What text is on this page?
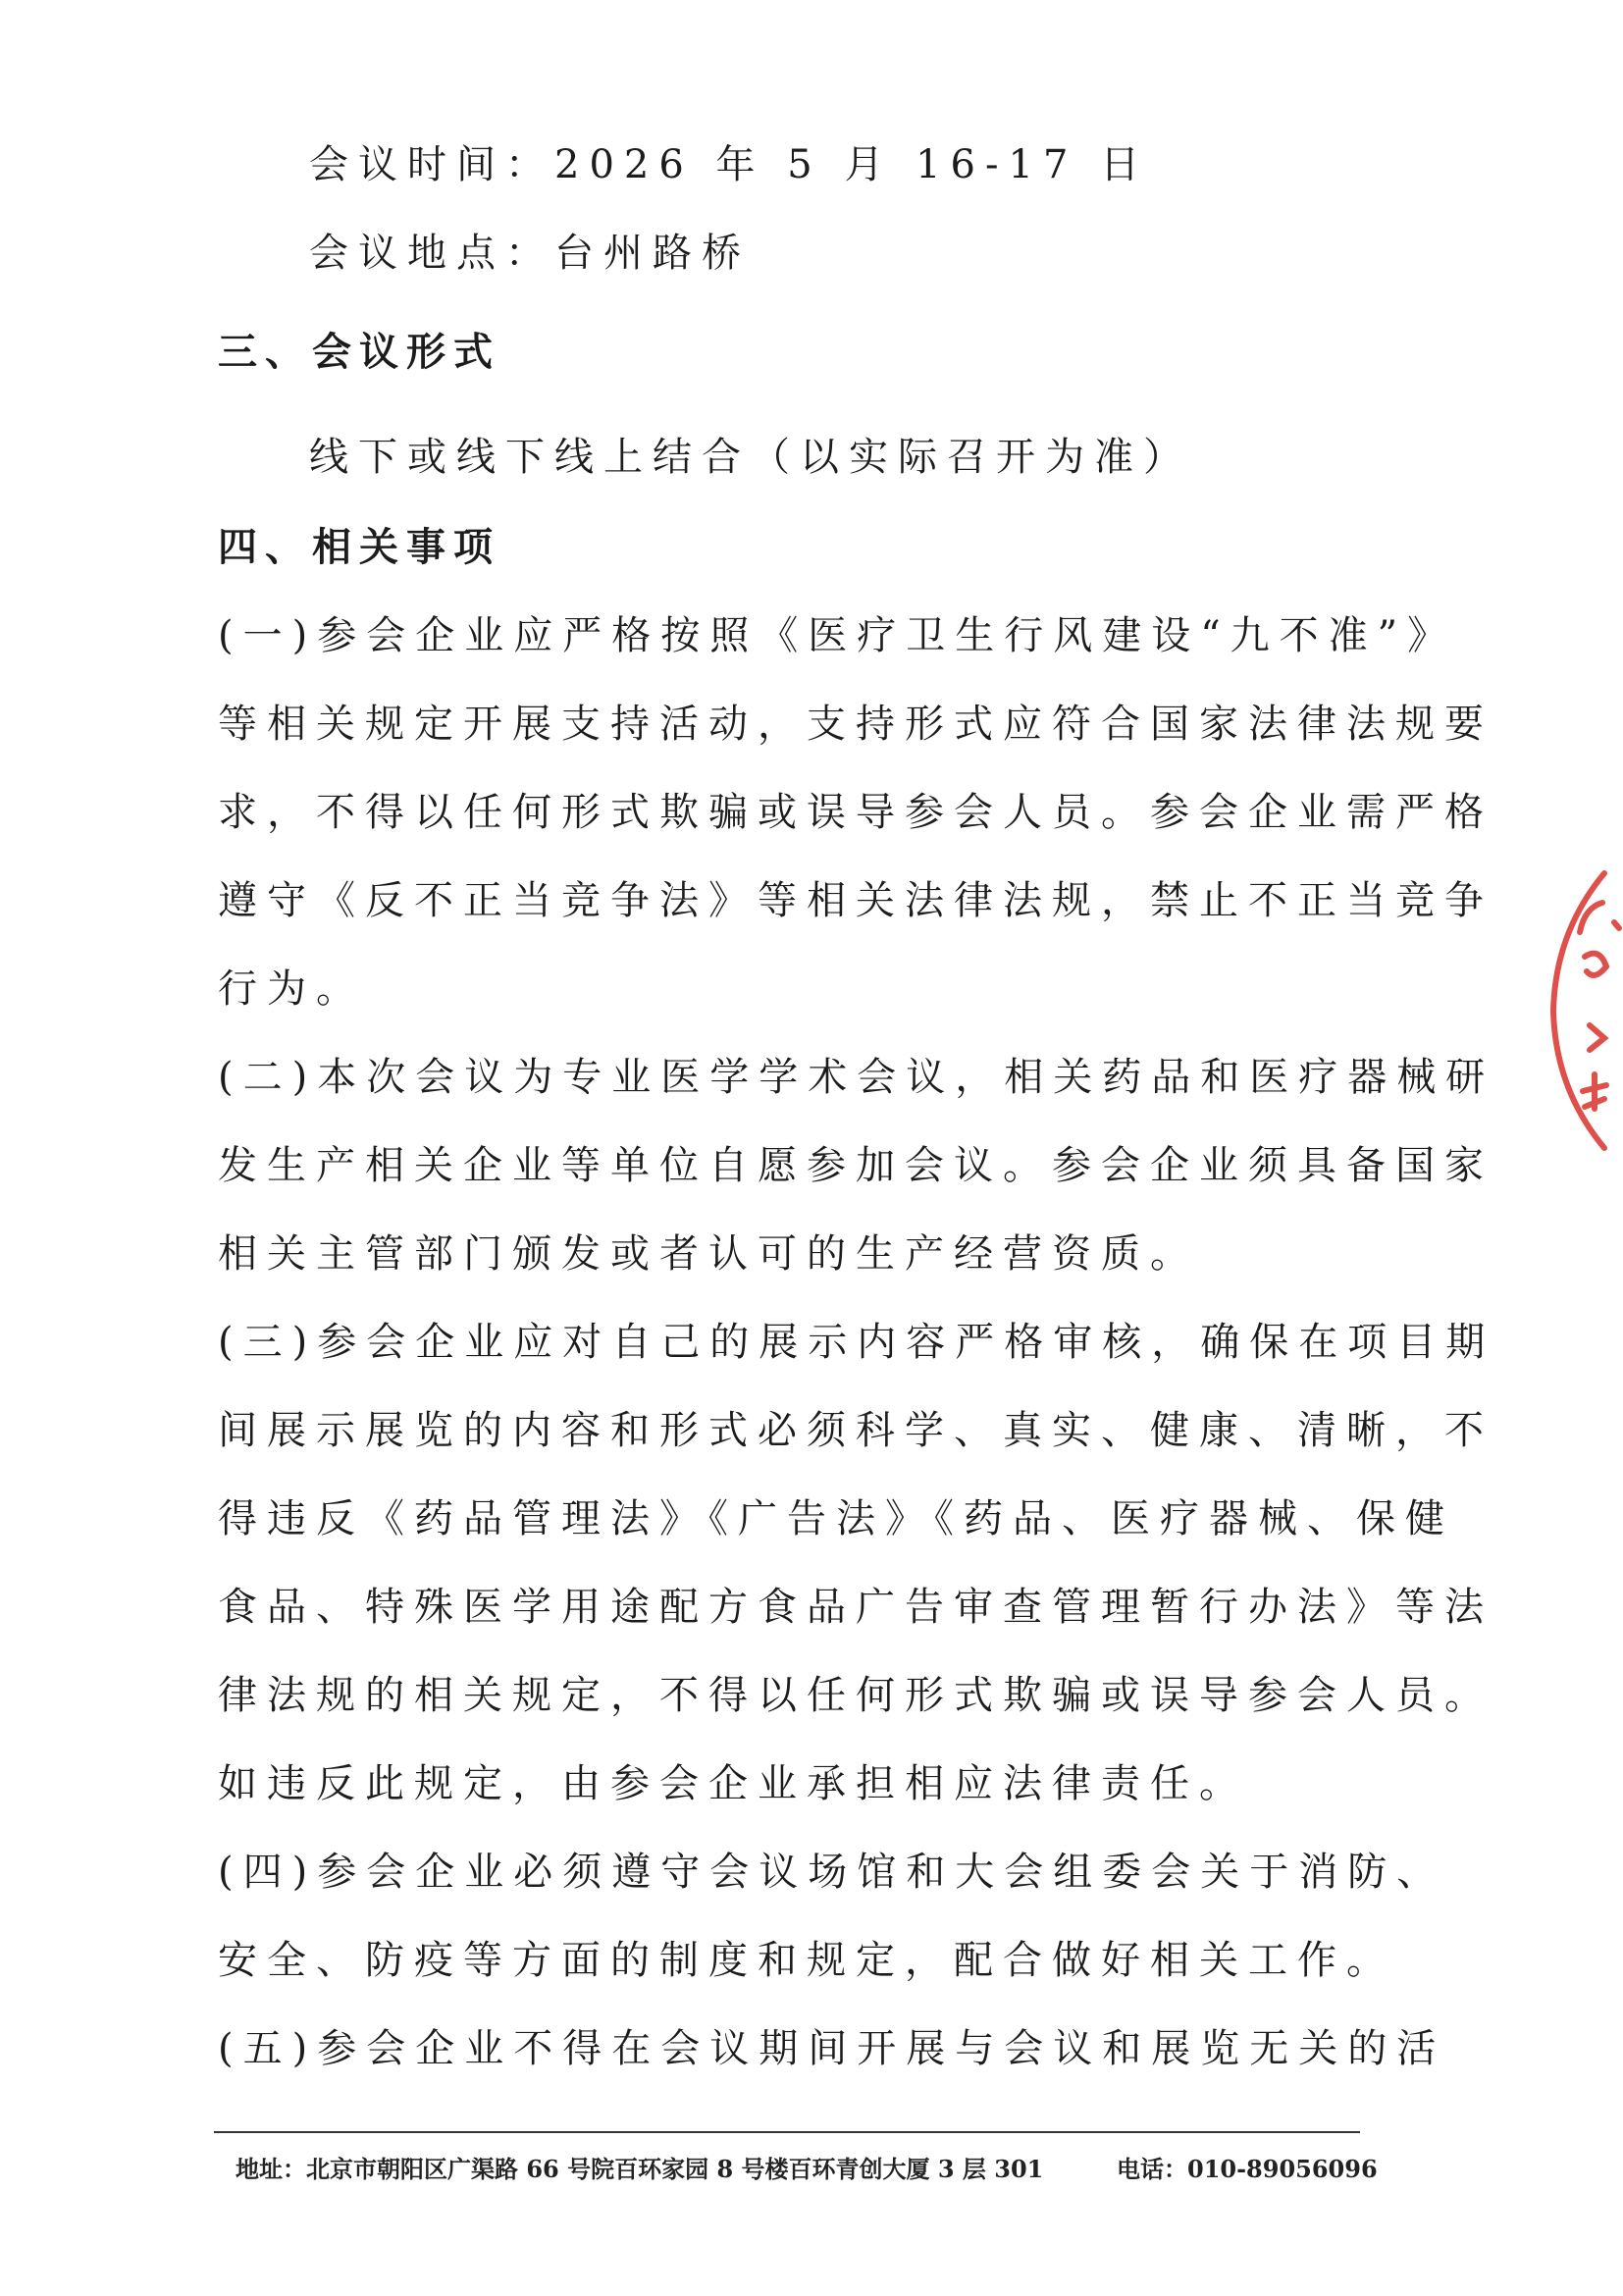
会议时间：2026 年 5 月 16-17 日
会议地点：台州路桥
三、会议形式
线下或线下线上结合（以实际召开为准）
四、相关事项
(一)参会企业应严格按照《医疗卫生行风建设“九不准”》
等相关规定开展支持活动，支持形式应符合国家法律法规要
求，不得以任何形式欺骗或误导参会人员。参会企业需严格
遵守《反不正当竞争法》等相关法律法规，禁止不正当竞争
行为。
(二)本次会议为专业医学学术会议，相关药品和医疗器械研
发生产相关企业等单位自愿参加会议。参会企业须具备国家
相关主管部门颁发或者认可的生产经营资质。
(三)参会企业应对自己的展示内容严格审核，确保在项目期
间展示展览的内容和形式必须科学、真实、健康、清晰，不
得违反《药品管理法》《广告法》《药品、医疗器械、保健
食品、特殊医学用途配方食品广告审查管理暂行办法》等法
律法规的相关规定，不得以任何形式欺骗或误导参会人员。
如违反此规定，由参会企业承担相应法律责任。
(四)参会企业必须遵守会议场馆和大会组委会关于消防、
安全、防疫等方面的制度和规定，配合做好相关工作。
(五)参会企业不得在会议期间开展与会议和展览无关的活
地址：北京市朝阳区广渠路 66 号院百环家园 8 号楼百环青创大厦 3 层 301	电话：010-89056096
